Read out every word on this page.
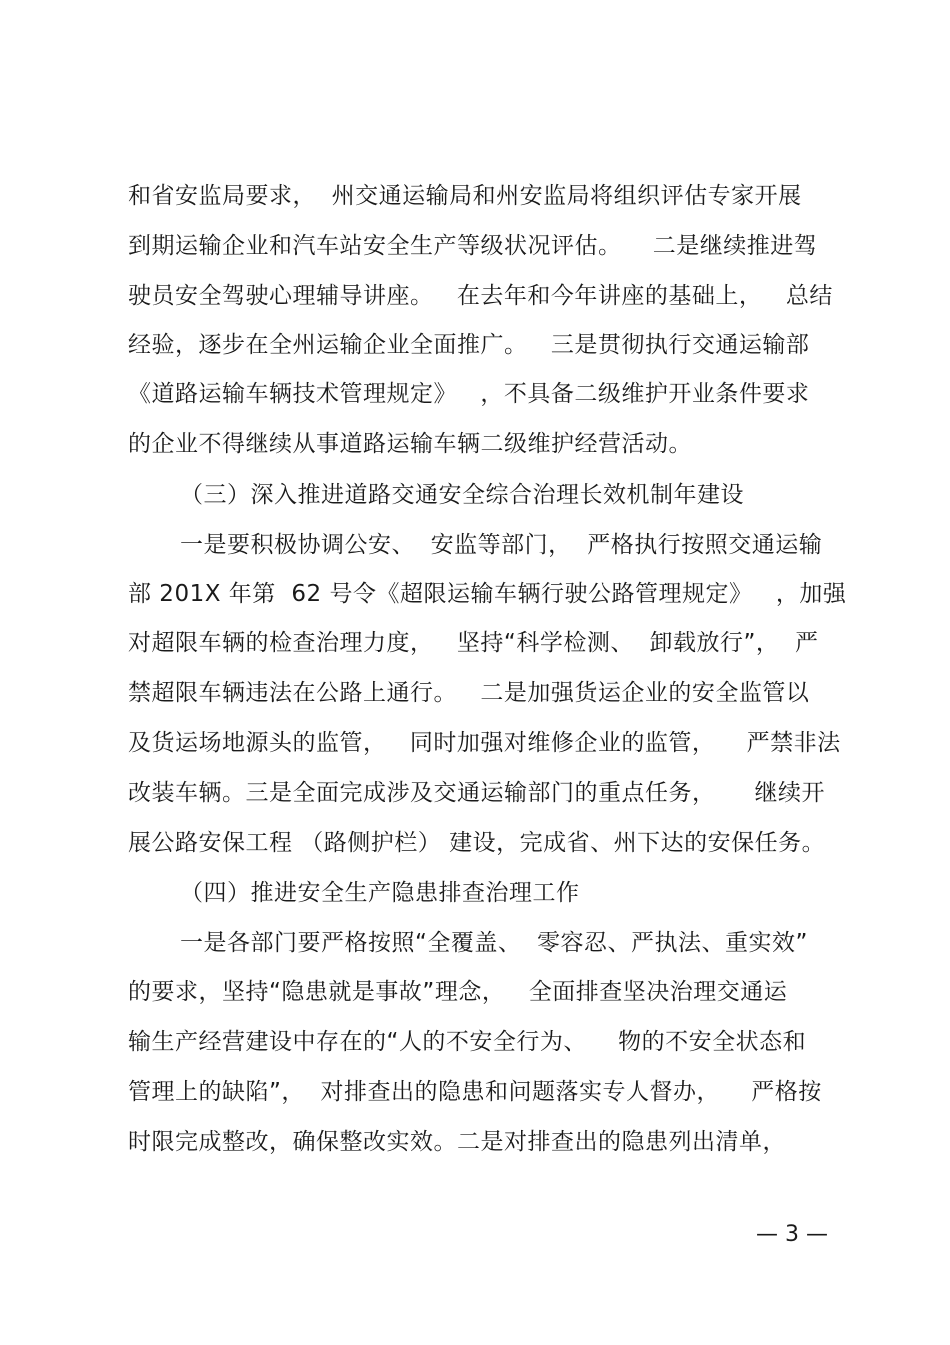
和省安监局要求，  州交通运输局和州安监局将组织评估专家开展
到期运输企业和汽车站安全生产等级状况评估。    二是继续推进驾
驶员安全驾驶心理辅导讲座。   在去年和今年讲座的基础上，   总结
经验，逐步在全州运输企业全面推广。   三是贯彻执行交通运输部
《道路运输车辆技术管理规定》   ，不具备二级维护开业条件要求
的企业不得继续从事道路运输车辆二级维护经营活动。
（三）深入推进道路交通安全综合治理长效机制年建设
一是要积极协调公安、  安监等部门，  严格执行按照交通运输
部 201X 年第  62 号令《超限运输车辆行驶公路管理规定》   ，加强
对超限车辆的检查治理力度，   坚持“科学检测、  卸载放行”，  严
禁超限车辆违法在公路上通行。   二是加强货运企业的安全监管以
及货运场地源头的监管，   同时加强对维修企业的监管，    严禁非法
改装车辆。三是全面完成涉及交通运输部门的重点任务，     继续开
展公路安保工程 （路侧护栏） 建设，完成省、州下达的安保任务。
（四）推进安全生产隐患排查治理工作
一是各部门要严格按照“全覆盖、  零容忍、严执法、重实效”
的要求，坚持“隐患就是事故”理念，   全面排查坚决治理交通运
输生产经营建设中存在的“人的不安全行为、    物的不安全状态和
管理上的缺陷”，  对排查出的隐患和问题落实专人督办，    严格按
时限完成整改，确保整改实效。二是对排查出的隐患列出清单，
— 3 —
